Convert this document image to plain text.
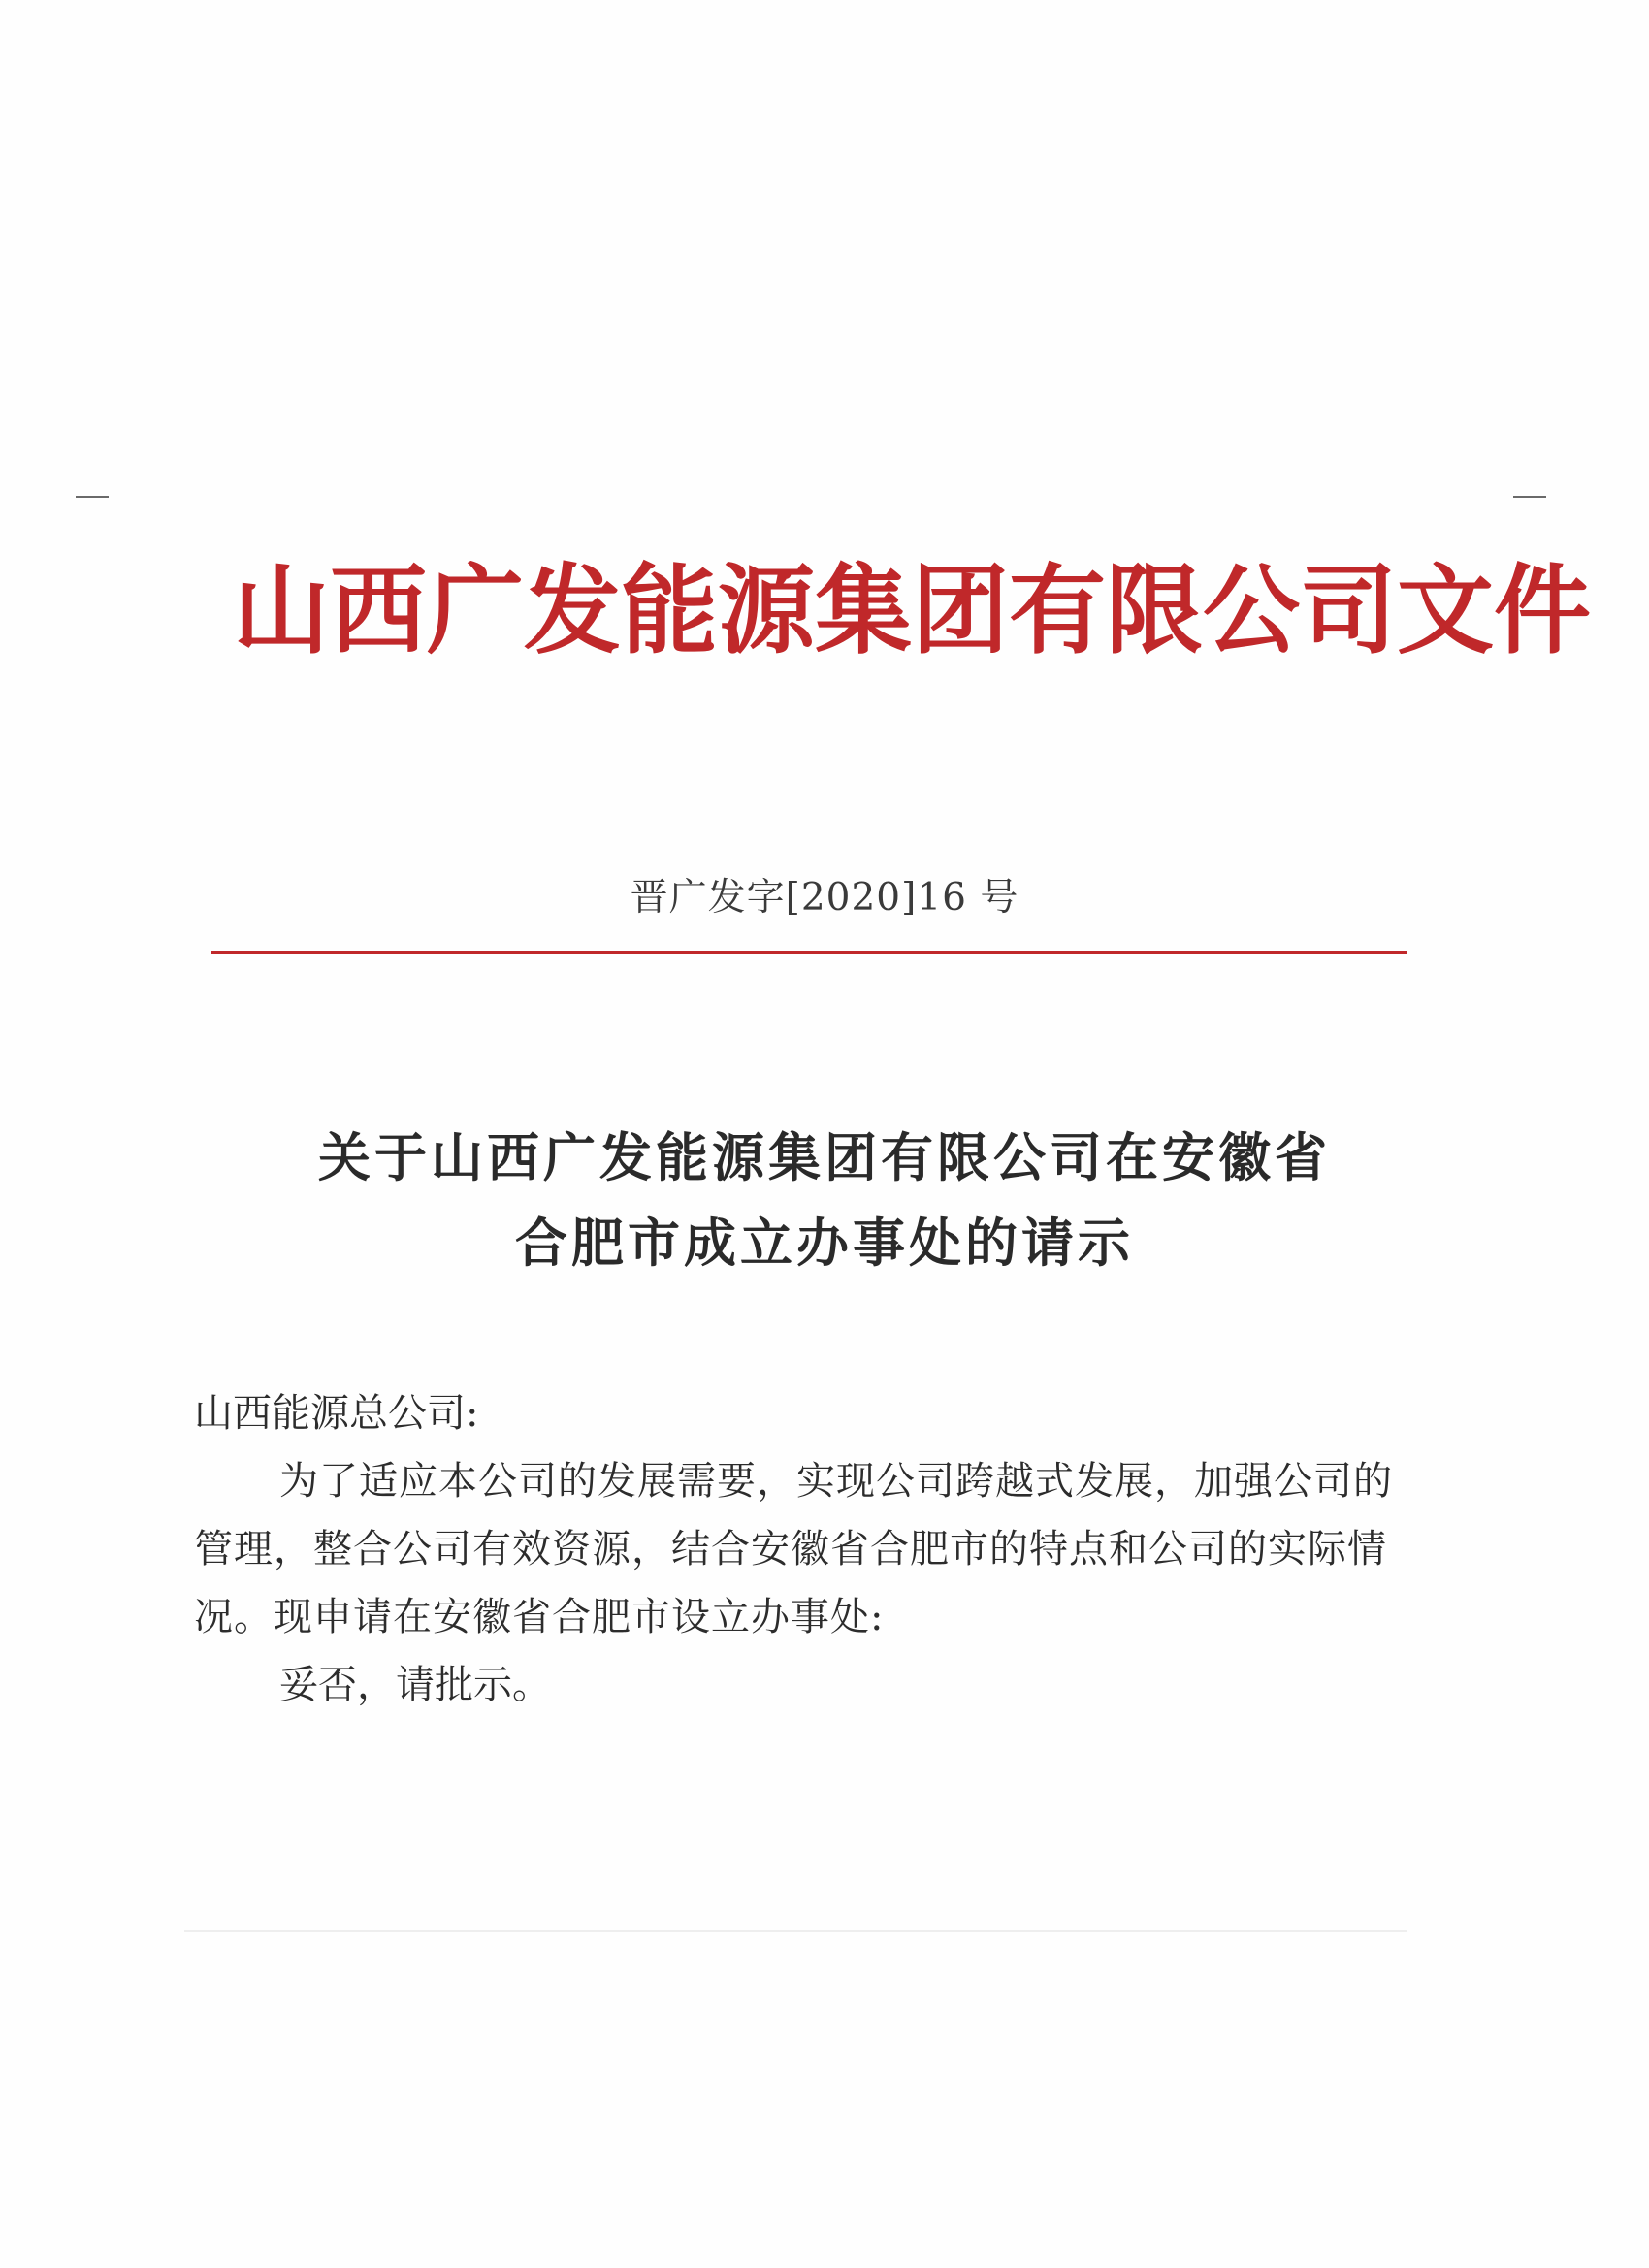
山西广发能源集团有限公司文件
晋广发字[2020]16 号
关于山西广发能源集团有限公司在安徽省
合肥市成立办事处的请示

山西能源总公司:

为了适应本公司的发展需要，实现公司跨越式发展，加强公司的管理，整合公司有效资源，结合安徽省合肥市的特点和公司的实际情况。现申请在安徽省合肥市设立办事处:

妥否，请批示。
